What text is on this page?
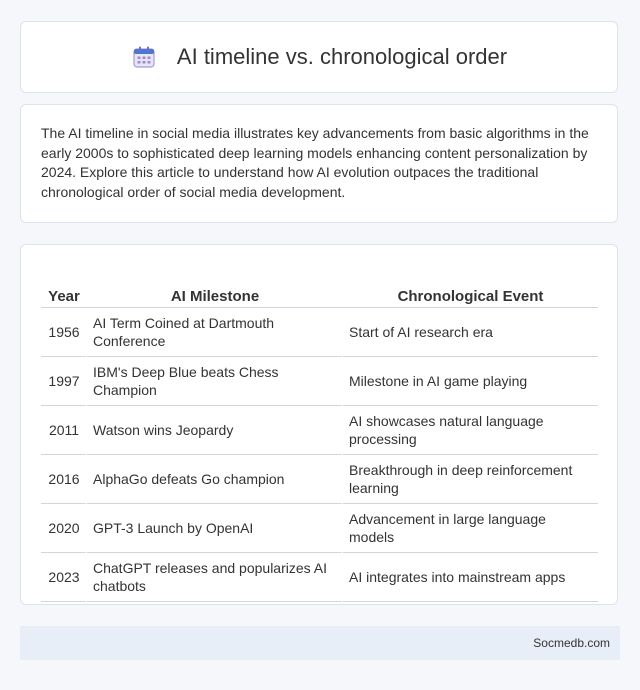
AI timeline vs. chronological order

The AI timeline in social media illustrates key advancements from basic algorithms in the early 2000s to sophisticated deep learning models enhancing content personalization by 2024. Explore this article to understand how AI evolution outpaces the traditional chronological order of social media development.

Year	AI Milestone	Chronological Event
1956	AI Term Coined at Dartmouth Conference	Start of AI research era
1997	IBM's Deep Blue beats Chess Champion	Milestone in AI game playing
2011	Watson wins Jeopardy	AI showcases natural language processing
2016	AlphaGo defeats Go champion	Breakthrough in deep reinforcement learning
2020	GPT-3 Launch by OpenAI	Advancement in large language models
2023	ChatGPT releases and popularizes AI chatbots	AI integrates into mainstream apps
Socmedb.com
